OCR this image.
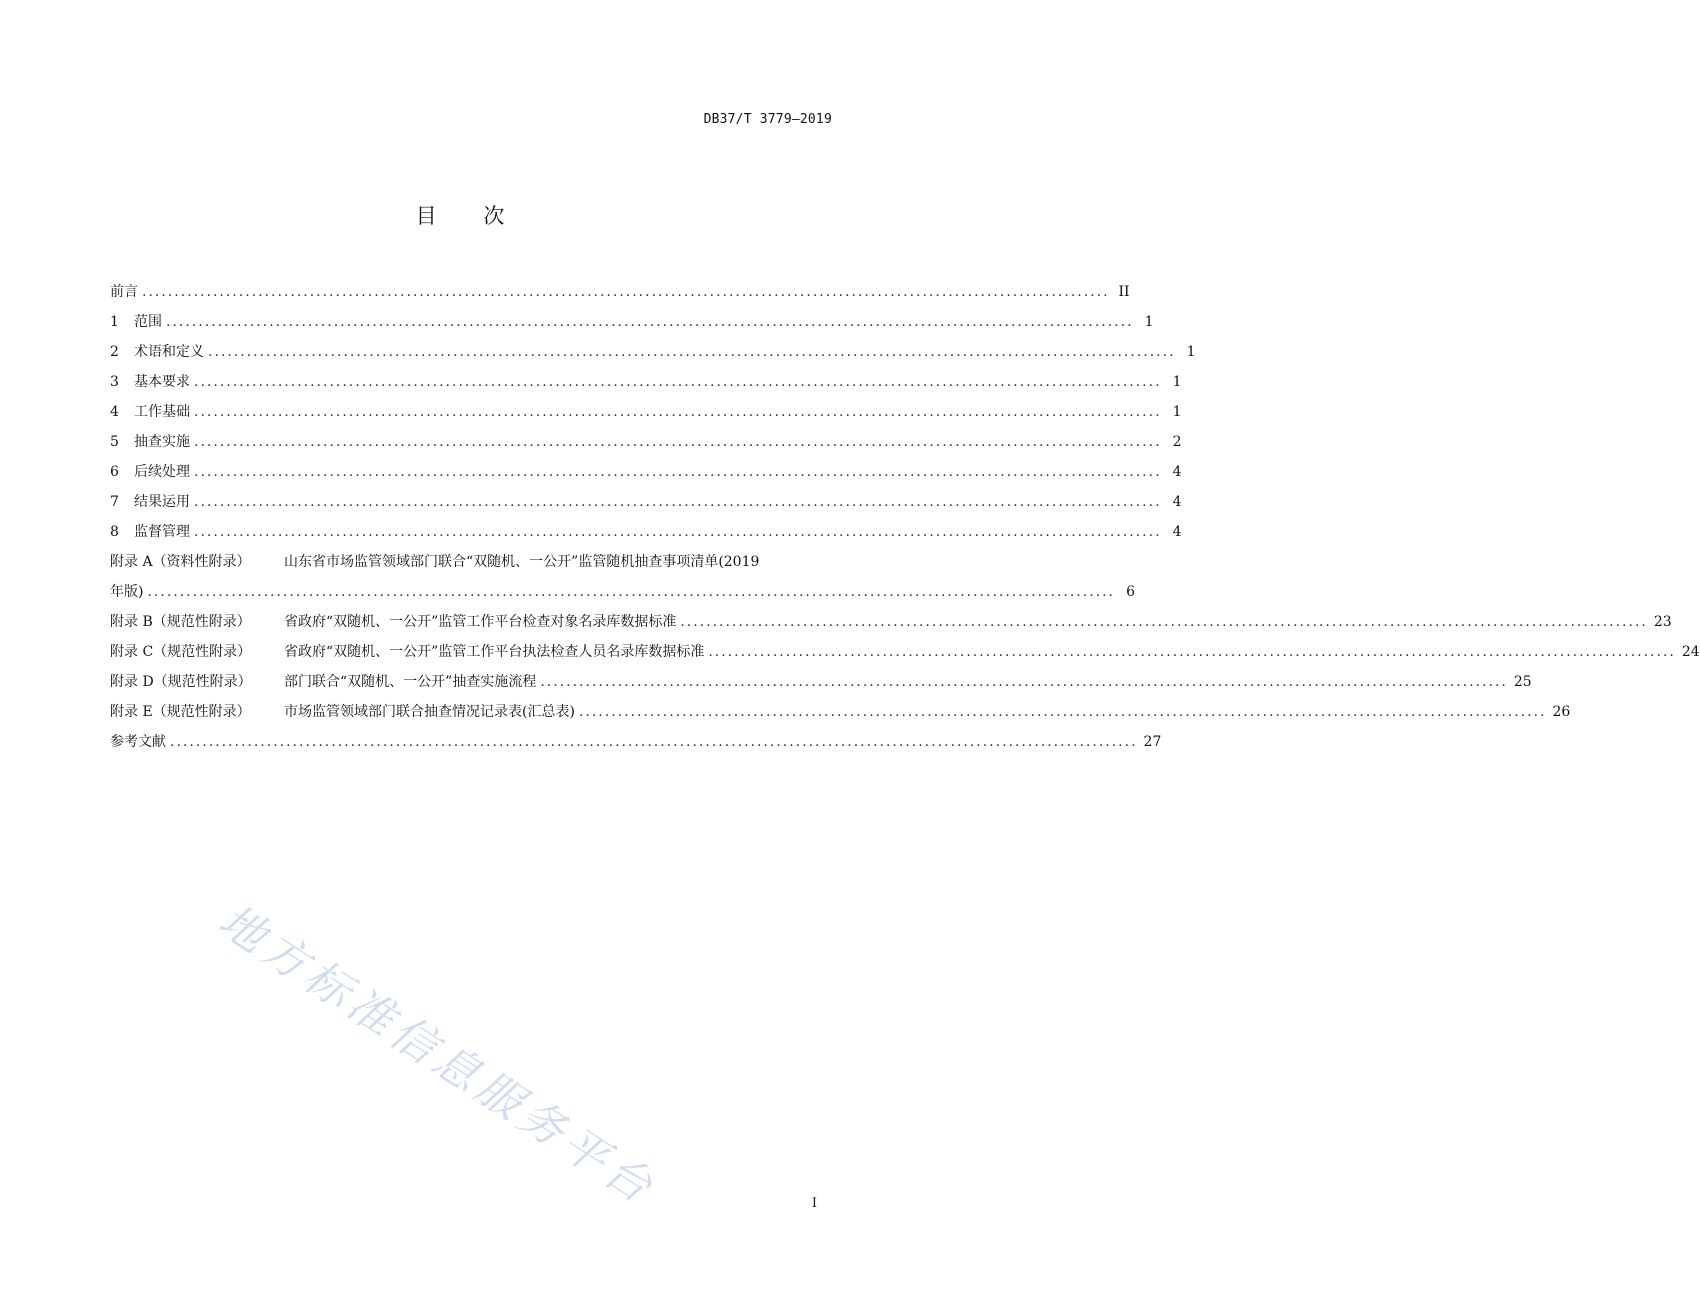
DB37/T 3779—2019
目 次
前言 ...................................................................................................................................................... II
1	范围 ...................................................................................................................................................... 1
2	术语和定义 ...................................................................................................................................................... 1
3	基本要求 ...................................................................................................................................................... 1
4	工作基础 ...................................................................................................................................................... 1
5	抽查实施 ...................................................................................................................................................... 2
6	后续处理 ...................................................................................................................................................... 4
7	结果运用 ...................................................................................................................................................... 4
8	监督管理 ...................................................................................................................................................... 4
附录 A（资料性附录）	山东省市场监管领域部门联合“双随机、一公开”监管随机抽查事项清单(2019
年版) ...................................................................................................................................................... 6
附录 B（规范性附录）	省政府“双随机、一公开”监管工作平台检查对象名录库数据标准 ...................................................................................................................................................... 23
附录 C（规范性附录）	省政府“双随机、一公开”监管工作平台执法检查人员名录库数据标准 ...................................................................................................................................................... 24
附录 D（规范性附录）	部门联合“双随机、一公开”抽查实施流程 ...................................................................................................................................................... 25
附录 E（规范性附录）	市场监管领域部门联合抽查情况记录表(汇总表) ...................................................................................................................................................... 26
参考文献 ...................................................................................................................................................... 27
地方标准信息服务平台	I
